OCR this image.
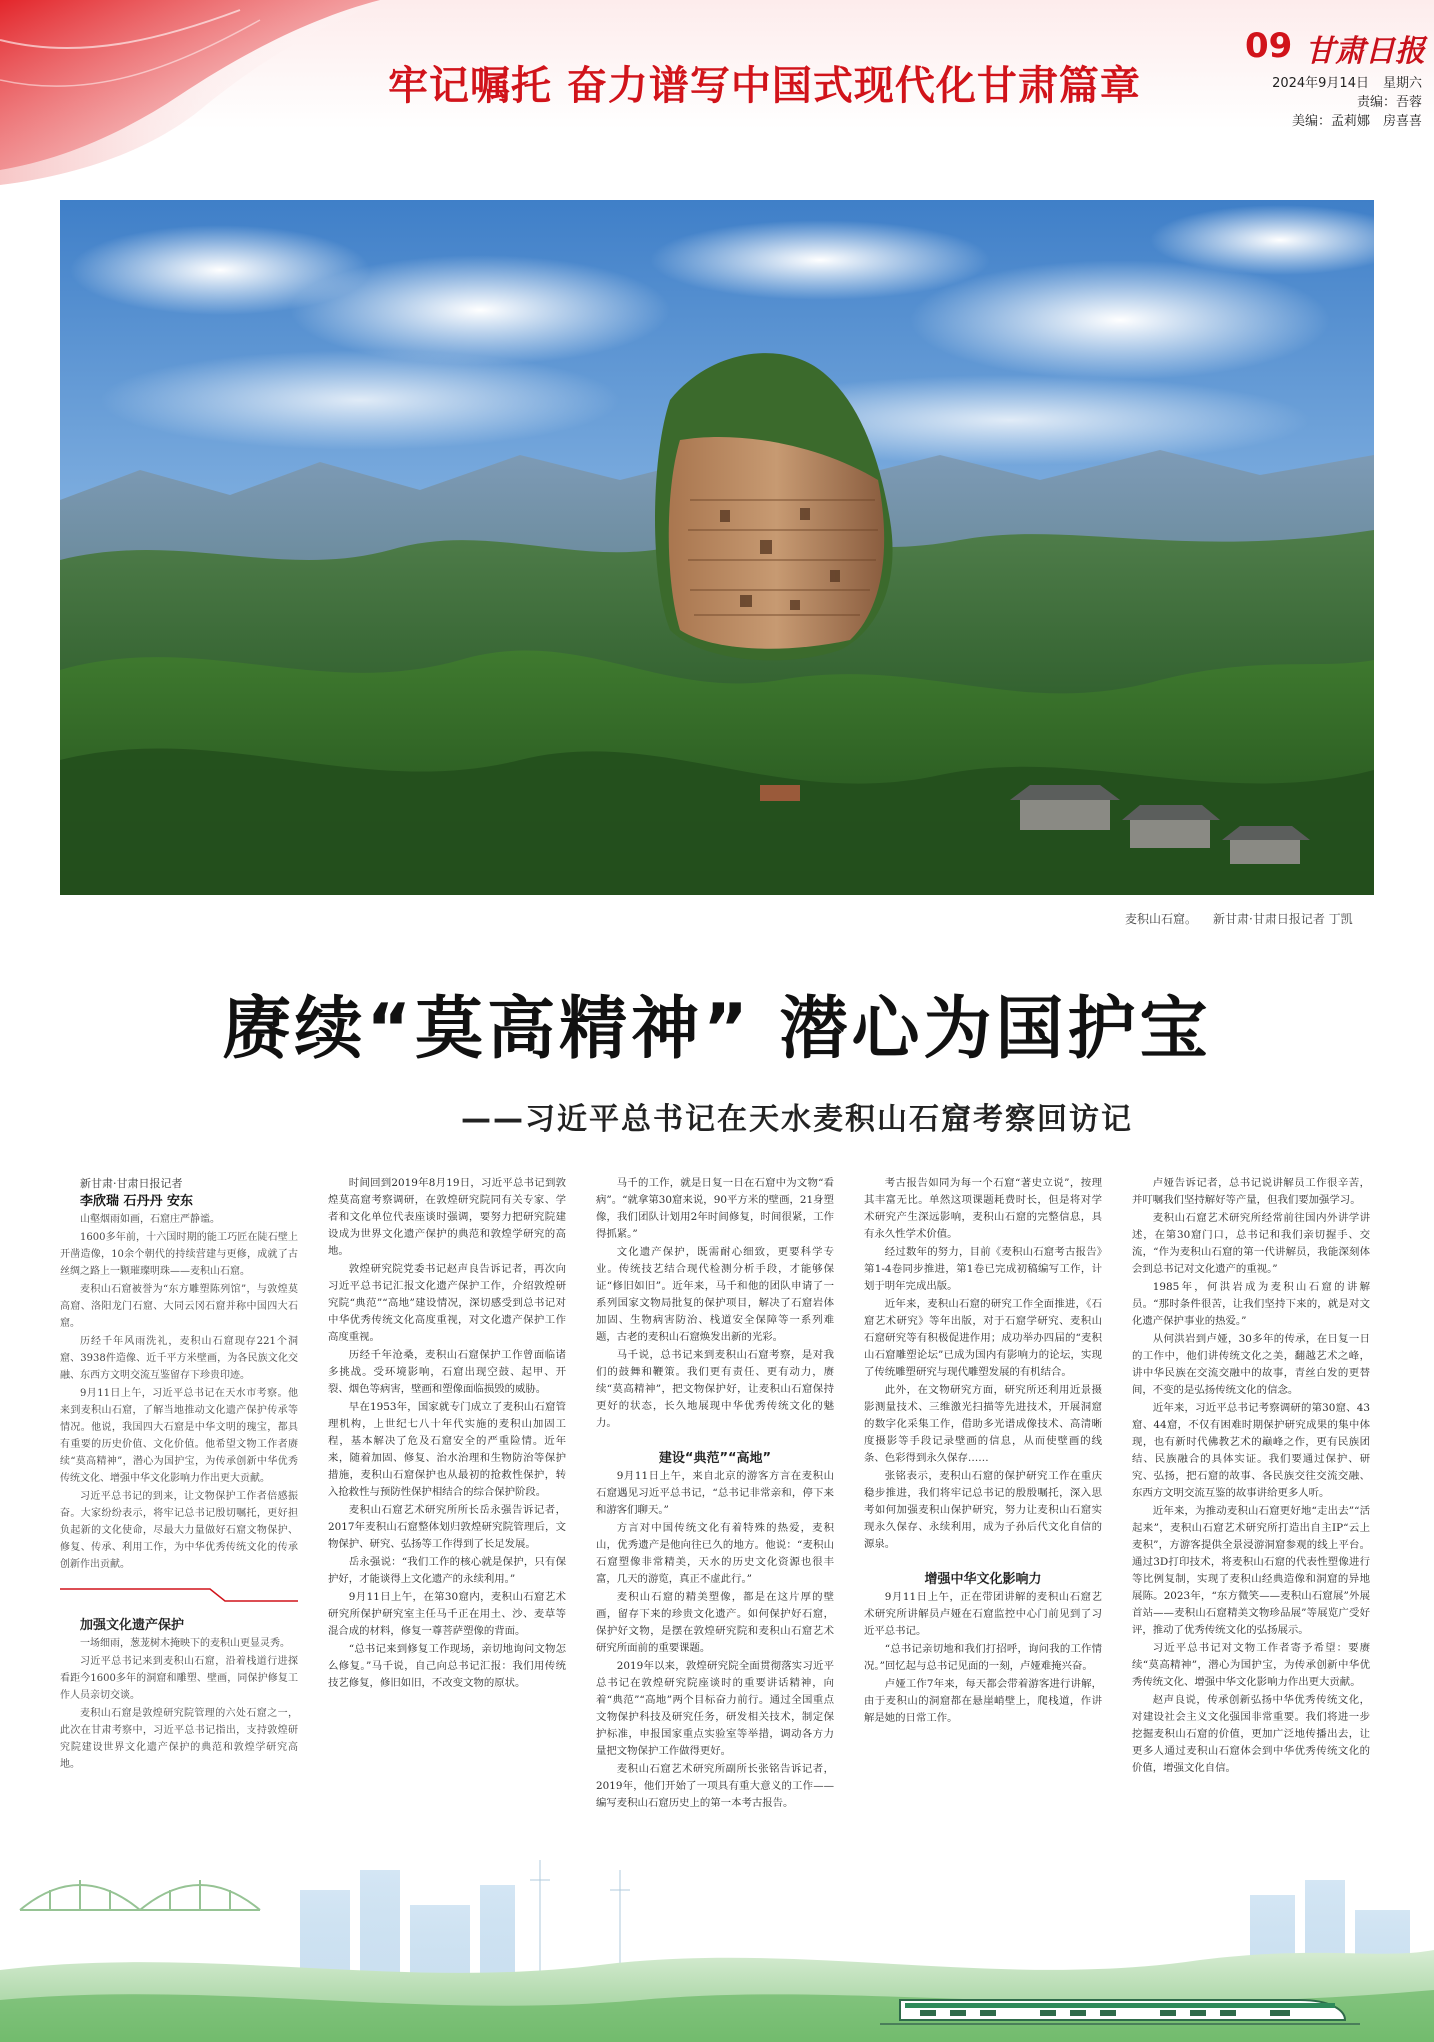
牢记嘱托 奋力谱写中国式现代化甘肃篇章
09 甘肃日报
2024年9月14日 星期六
责编：吾蓉
美编：孟莉娜　房喜喜
麦积山石窟。 新甘肃·甘肃日报记者 丁凯
赓续“莫高精神” 潜心为国护宝
——习近平总书记在天水麦积山石窟考察回访记

新甘肃·甘肃日报记者

李欣瑞 石丹丹 安东

山壑烟雨如画，石窟庄严静谧。

1600多年前，十六国时期的能工巧匠在陡石壁上开凿造像，10余个朝代的持续营建与更修，成就了古丝绸之路上一颗璀璨明珠——麦积山石窟。

麦积山石窟被誉为“东方雕塑陈列馆”，与敦煌莫高窟、洛阳龙门石窟、大同云冈石窟并称中国四大石窟。

历经千年风雨洗礼，麦积山石窟现存221个洞窟、3938件造像、近千平方米壁画，为各民族文化交融、东西方文明交流互鉴留存下珍贵印迹。

9月11日上午，习近平总书记在天水市考察。他来到麦积山石窟，了解当地推动文化遗产保护传承等情况。他说，我国四大石窟是中华文明的瑰宝，都具有重要的历史价值、文化价值。他希望文物工作者赓续“莫高精神”，潜心为国护宝，为传承创新中华优秀传统文化、增强中华文化影响力作出更大贡献。

习近平总书记的到来，让文物保护工作者倍感振奋。大家纷纷表示，将牢记总书记殷切嘱托，更好担负起新的文化使命，尽最大力量做好石窟文物保护、修复、传承、利用工作，为中华优秀传统文化的传承创新作出贡献。

加强文化遗产保护

一场细雨，葱茏树木掩映下的麦积山更显灵秀。

习近平总书记来到麦积山石窟，沿着栈道行进探看距今1600多年的洞窟和雕塑、壁画，同保护修复工作人员亲切交谈。

麦积山石窟是敦煌研究院管理的六处石窟之一，此次在甘肃考察中，习近平总书记指出，支持敦煌研究院建设世界文化遗产保护的典范和敦煌学研究高地。

时间回到2019年8月19日，习近平总书记到敦煌莫高窟考察调研，在敦煌研究院同有关专家、学者和文化单位代表座谈时强调，要努力把研究院建设成为世界文化遗产保护的典范和敦煌学研究的高地。

敦煌研究院党委书记赵声良告诉记者，再次向习近平总书记汇报文化遗产保护工作，介绍敦煌研究院“典范”“高地”建设情况，深切感受到总书记对中华优秀传统文化高度重视，对文化遗产保护工作高度重视。

历经千年沧桑，麦积山石窟保护工作曾面临诸多挑战。受环境影响，石窟出现空鼓、起甲、开裂、烟色等病害，壁画和塑像面临损毁的威胁。

早在1953年，国家就专门成立了麦积山石窟管理机构，上世纪七八十年代实施的麦积山加固工程，基本解决了危及石窟安全的严重险情。近年来，随着加固、修复、治水治理和生物防治等保护措施，麦积山石窟保护也从最初的抢救性保护，转入抢救性与预防性保护相结合的综合保护阶段。

麦积山石窟艺术研究所所长岳永强告诉记者，2017年麦积山石窟整体划归敦煌研究院管理后，文物保护、研究、弘扬等工作得到了长足发展。

岳永强说：“我们工作的核心就是保护，只有保护好，才能谈得上文化遗产的永续利用。”

9月11日上午，在第30窟内，麦积山石窟艺术研究所保护研究室主任马千正在用土、沙、麦草等混合成的材料，修复一尊菩萨塑像的背面。

“总书记来到修复工作现场，亲切地询问文物怎么修复。”马千说，自己向总书记汇报：我们用传统技艺修复，修旧如旧，不改变文物的原状。

马千的工作，就是日复一日在石窟中为文物“看病”。“就拿第30窟来说，90平方米的壁画，21身塑像，我们团队计划用2年时间修复，时间很紧，工作得抓紧。”

文化遗产保护，既需耐心细致，更要科学专业。传统技艺结合现代检测分析手段，才能够保证“修旧如旧”。近年来，马千和他的团队申请了一系列国家文物局批复的保护项目，解决了石窟岩体加固、生物病害防治、栈道安全保障等一系列难题，古老的麦积山石窟焕发出新的光彩。

马千说，总书记来到麦积山石窟考察，是对我们的鼓舞和鞭策。我们更有责任、更有动力，赓续“莫高精神”，把文物保护好，让麦积山石窟保持更好的状态，长久地展现中华优秀传统文化的魅力。

建设“典范”“高地”

9月11日上午，来自北京的游客方言在麦积山石窟遇见习近平总书记，“总书记非常亲和，停下来和游客们聊天。”

方言对中国传统文化有着特殊的热爱，麦积山，优秀遗产是他向往已久的地方。他说：“麦积山石窟塑像非常精美，天水的历史文化资源也很丰富，几天的游览，真正不虚此行。”

麦积山石窟的精美塑像，都是在这片厚的壁画，留存下来的珍贵文化遗产。如何保护好石窟，保护好文物，是摆在敦煌研究院和麦积山石窟艺术研究所面前的重要课题。

2019年以来，敦煌研究院全面贯彻落实习近平总书记在敦煌研究院座谈时的重要讲话精神，向着“典范”“高地”两个目标奋力前行。通过全国重点文物保护科技及研究任务，研发相关技术，制定保护标准，申报国家重点实验室等举措，调动各方力量把文物保护工作做得更好。

麦积山石窟艺术研究所副所长张铭告诉记者，2019年，他们开始了一项具有重大意义的工作——编写麦积山石窟历史上的第一本考古报告。

考古报告如同为每一个石窟“著史立说”，按理其丰富无比。单然这项课题耗费时长，但是将对学术研究产生深远影响，麦积山石窟的完整信息，具有永久性学术价值。

经过数年的努力，目前《麦积山石窟考古报告》第1-4卷同步推进，第1卷已完成初稿编写工作，计划于明年完成出版。

近年来，麦积山石窟的研究工作全面推进，《石窟艺术研究》等年出版，对于石窟学研究、麦积山石窟研究等有积极促进作用；成功举办四届的“麦积山石窟雕塑论坛”已成为国内有影响力的论坛，实现了传统雕塑研究与现代雕塑发展的有机结合。

此外，在文物研究方面，研究所还利用近景摄影测量技术、三维激光扫描等先进技术，开展洞窟的数字化采集工作，借助多光谱成像技术、高清晰度摄影等手段记录壁画的信息，从而使壁画的线条、色彩得到永久保存……

张铭表示，麦积山石窟的保护研究工作在重庆稳步推进，我们将牢记总书记的殷殷嘱托，深入思考如何加强麦积山保护研究，努力让麦积山石窟实现永久保存、永续利用，成为子孙后代文化自信的源泉。

增强中华文化影响力

9月11日上午，正在带团讲解的麦积山石窟艺术研究所讲解员卢娅在石窟监控中心门前见到了习近平总书记。

“总书记亲切地和我们打招呼，询问我的工作情况。”回忆起与总书记见面的一刻，卢娅难掩兴奋。

卢娅工作7年来，每天都会带着游客进行讲解，由于麦积山的洞窟都在悬崖峭壁上，爬栈道，作讲解是她的日常工作。

卢娅告诉记者，总书记说讲解员工作很辛苦，并叮嘱我们坚持解好等产量，但我们要加强学习。

麦积山石窟艺术研究所经常前往国内外讲学讲述，在第30窟门口，总书记和我们亲切握手、交流，“作为麦积山石窟的第一代讲解员，我能深刻体会到总书记对文化遗产的重视。”

1985年，何洪岩成为麦积山石窟的讲解员。“那时条件很苦，让我们坚持下来的，就是对文化遗产保护事业的热爱。”

从何洪岩到卢娅，30多年的传承，在日复一日的工作中，他们讲传统文化之美，翻越艺术之峰，讲中华民族在交流交融中的故事，青丝白发的更替间，不变的是弘扬传统文化的信念。

近年来，习近平总书记考察调研的第30窟、43窟、44窟，不仅有困难时期保护研究成果的集中体现，也有新时代佛教艺术的巅峰之作，更有民族团结、民族融合的具体实证。我们要通过保护、研究、弘扬，把石窟的故事、各民族交往交流交融、东西方文明交流互鉴的故事讲给更多人听。

近年来，为推动麦积山石窟更好地“走出去”“活起来”，麦积山石窟艺术研究所打造出自主IP“云上麦积”，方游客提供全景浸游洞窟参观的线上平台。通过3D打印技术，将麦积山石窟的代表性塑像进行等比例复制，实现了麦积山经典造像和洞窟的异地展陈。2023年，“东方微笑——麦积山石窟展”外展首站——麦积山石窟精美文物珍品展”等展览广受好评，推动了优秀传统文化的弘扬展示。

习近平总书记对文物工作者寄予希望：要赓续“莫高精神”，潜心为国护宝，为传承创新中华优秀传统文化、增强中华文化影响力作出更大贡献。

赵声良说，传承创新弘扬中华优秀传统文化，对建设社会主义文化强国非常重要。我们将进一步挖掘麦积山石窟的价值，更加广泛地传播出去，让更多人通过麦积山石窟体会到中华优秀传统文化的价值，增强文化自信。
